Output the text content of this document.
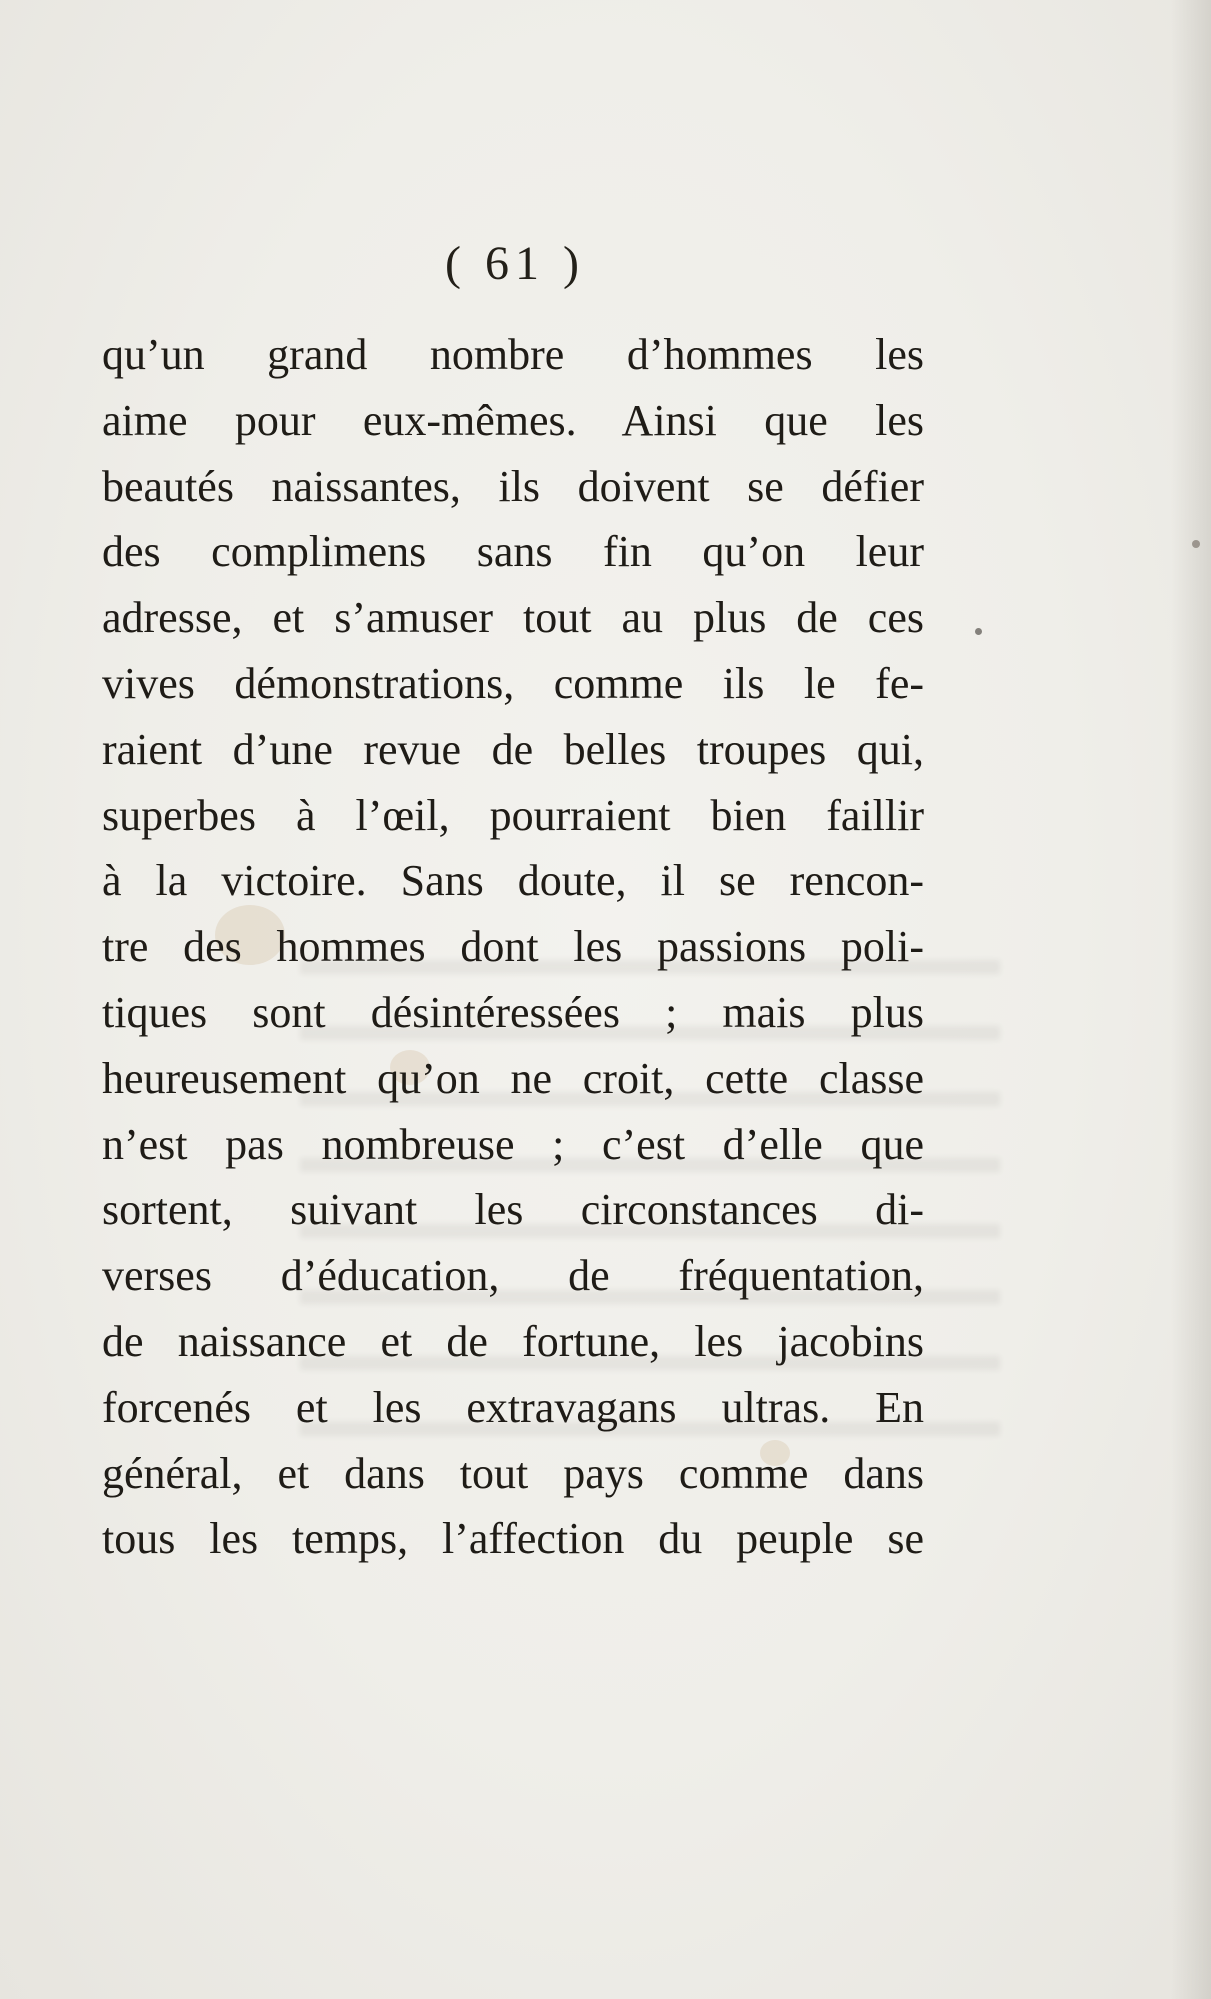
( 61 )
qu’un grand nombre d’hommes les
aime pour eux-mêmes. Ainsi que les
beautés naissantes, ils doivent se défier
des complimens sans fin qu’on leur
adresse, et s’amuser tout au plus de ces
vives démonstrations, comme ils le fe-
raient d’une revue de belles troupes qui,
superbes à l’œil, pourraient bien faillir
à la victoire. Sans doute, il se rencon-
tre des hommes dont les passions poli-
tiques sont désintéressées ; mais plus
heureusement qu’on ne croit, cette classe
n’est pas nombreuse ; c’est d’elle que
sortent, suivant les circonstances di-
verses d’éducation, de fréquentation,
de naissance et de fortune, les jacobins
forcenés et les extravagans ultras. En
général, et dans tout pays comme dans
tous les temps, l’affection du peuple se
